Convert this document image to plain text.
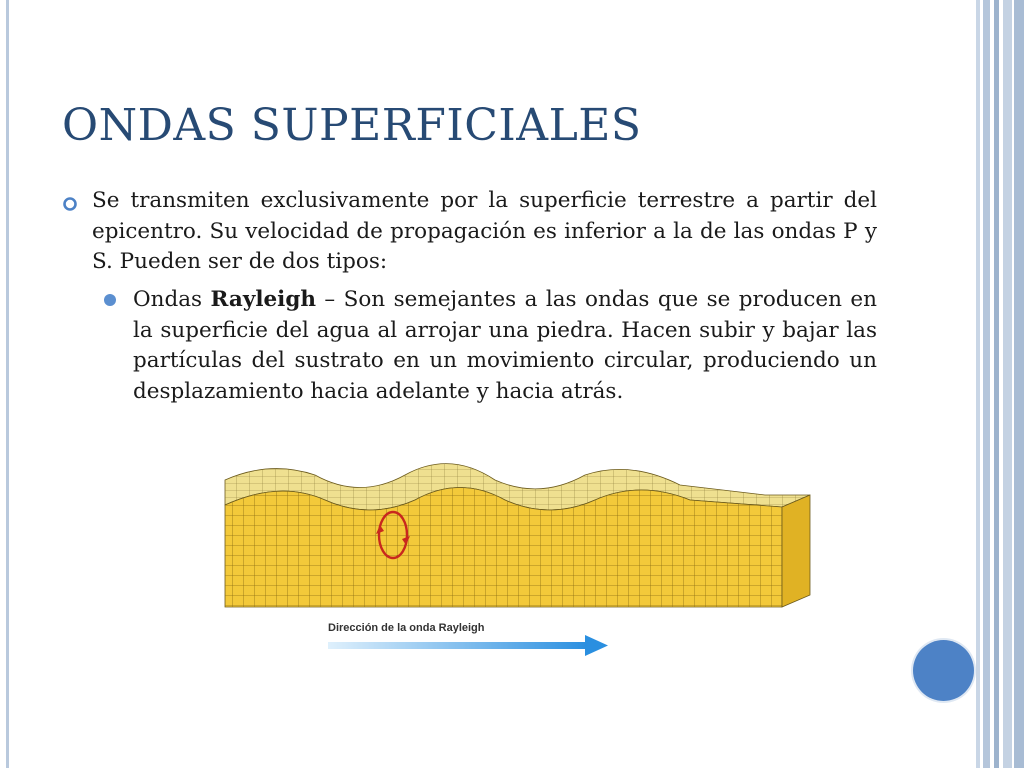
ONDAS SUPERFICIALES
Se transmiten exclusivamente por la superficie terrestre a partir del epicentro. Su velocidad de propagación es inferior a la de las ondas P y S. Pueden ser de dos tipos:
Ondas Rayleigh – Son semejantes a las ondas que se producen en la superficie del agua al arrojar una piedra. Hacen subir y bajar las partículas del sustrato en un movimiento circular, produciendo un desplazamiento hacia adelante y hacia atrás.
Dirección de la onda Rayleigh
